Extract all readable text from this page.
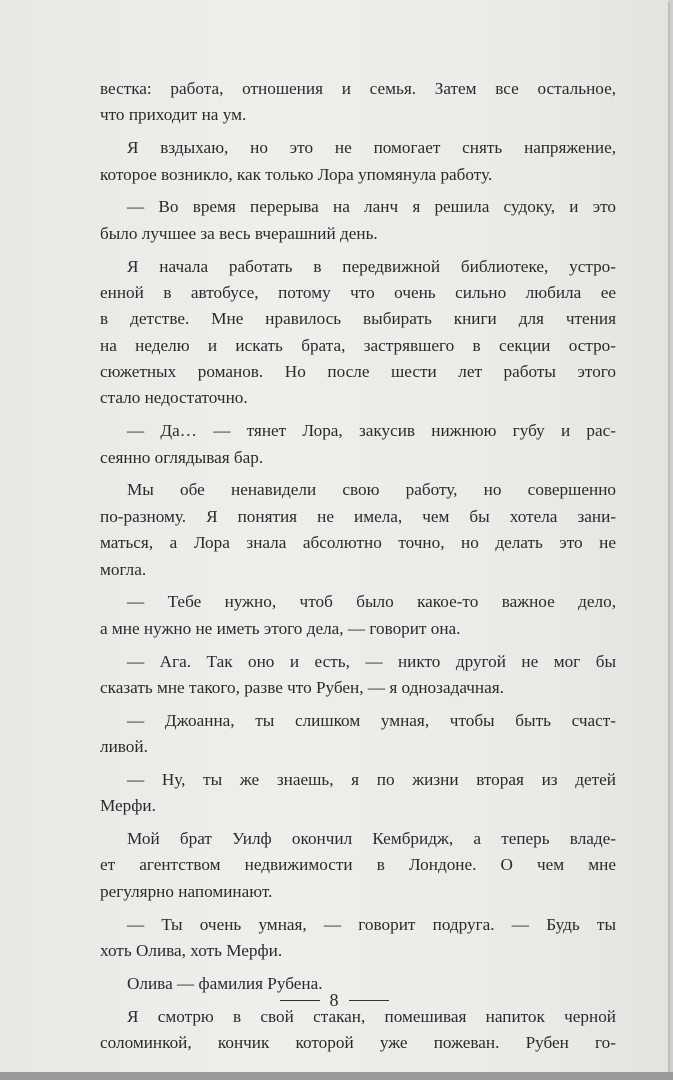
вестка: работа, отношения и семья. Затем все остальное,
что приходит на ум.
Я вздыхаю, но это не помогает снять напряжение,
которое возникло, как только Лора упомянула работу.
— Во время перерыва на ланч я решила судоку, и это
было лучшее за весь вчерашний день.
Я начала работать в передвижной библиотеке, устро-
енной в автобусе, потому что очень сильно любила ее
в детстве. Мне нравилось выбирать книги для чтения
на неделю и искать брата, застрявшего в секции остро-
сюжетных романов. Но после шести лет работы этого
стало недостаточно.
— Да… — тянет Лора, закусив нижнюю губу и рас-
сеянно оглядывая бар.
Мы обе ненавидели свою работу, но совершенно
по-разному. Я понятия не имела, чем бы хотела зани-
маться, а Лора знала абсолютно точно, но делать это не
могла.
— Тебе нужно, чтоб было какое-то важное дело,
а мне нужно не иметь этого дела, — говорит она.
— Ага. Так оно и есть, — никто другой не мог бы
сказать мне такого, разве что Рубен, — я однозадачная.
— Джоанна, ты слишком умная, чтобы быть счаст-
ливой.
— Ну, ты же знаешь, я по жизни вторая из детей
Мерфи.
Мой брат Уилф окончил Кембридж, а теперь владе-
ет агентством недвижимости в Лондоне. О чем мне
регулярно напоминают.
— Ты очень умная, — говорит подруга. — Будь ты
хоть Олива, хоть Мерфи.
Олива — фамилия Рубена.
Я смотрю в свой стакан, помешивая напиток черной
соломинкой, кончик которой уже пожеван. Рубен го-
8
